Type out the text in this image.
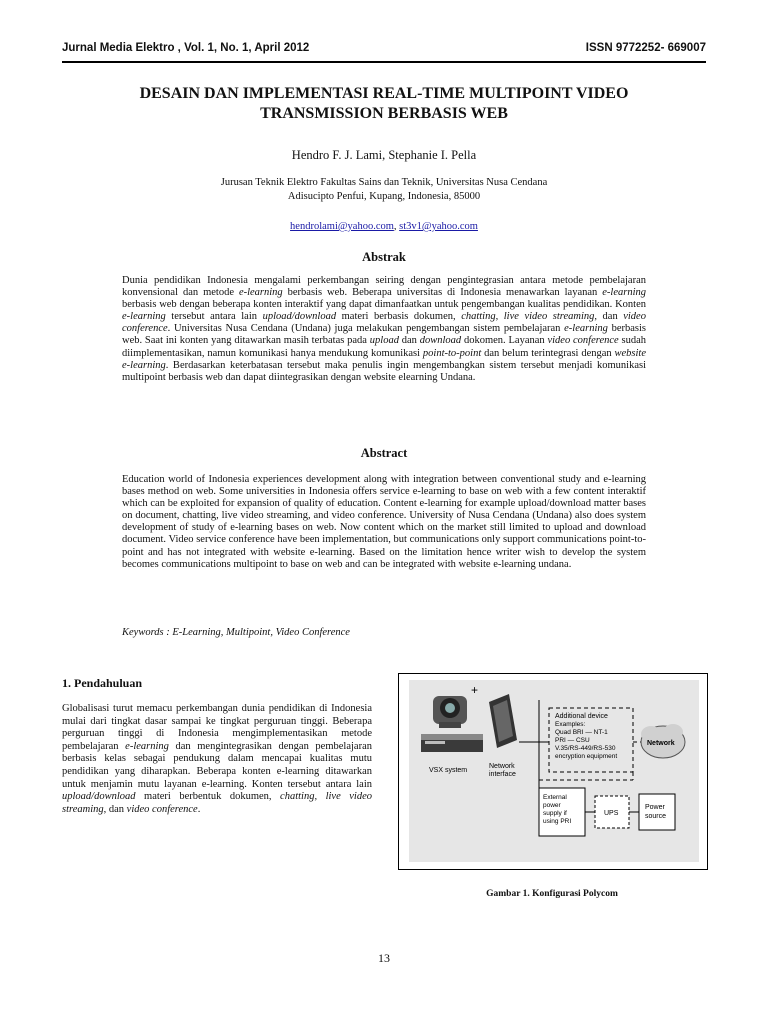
Jurnal Media Elektro , Vol. 1, No. 1, April 2012	ISSN 9772252- 669007
DESAIN DAN IMPLEMENTASI REAL-TIME MULTIPOINT VIDEO
TRANSMISSION BERBASIS WEB
Hendro F. J. Lami, Stephanie I. Pella
Jurusan Teknik Elektro Fakultas Sains dan Teknik, Universitas Nusa Cendana
Adisucipto Penfui, Kupang, Indonesia, 85000
hendrolami@yahoo.com, st3v1@yahoo.com
Abstrak
Dunia pendidikan Indonesia mengalami perkembangan seiring dengan pengintegrasian antara metode pembelajaran konvensional dan metode e-learning berbasis web. Beberapa universitas di Indonesia menawarkan layanan e-learning berbasis web dengan beberapa konten interaktif yang dapat dimanfaatkan untuk pengembangan kualitas pendidikan. Konten e-learning tersebut antara lain upload/download materi berbasis dokumen, chatting, live video streaming, dan video conference. Universitas Nusa Cendana (Undana) juga melakukan pengembangan sistem pembelajaran e-learning berbasis web. Saat ini konten yang ditawarkan masih terbatas pada upload dan download dokomen. Layanan video conference sudah diimplementasikan, namun komunikasi hanya mendukung komunikasi point-to-point dan belum terintegrasi dengan website e-learning. Berdasarkan keterbatasan tersebut maka penulis ingin mengembangkan sistem tersebut menjadi komunikasi multipoint berbasis web dan dapat diintegrasikan dengan website elearning Undana.
Abstract
Education world of Indonesia experiences development along with integration between conventional study and e-learning bases method on web. Some universities in Indonesia offers service e-learning to base on web with a few content interaktif which can be exploited for expansion of quality of education. Content e-learning for example upload/download matter bases on document, chatting, live video streaming, and video conference. University of Nusa Cendana (Undana) also does system development of study of e-learning bases on web. Now content which on the market still limited to upload and download document. Video service conference have been implementation, but communications only support communications point-to-point and has not integrated with website e-learning. Based on the limitation hence writer wish to develop the system becomes communications multipoint to base on web and can be integrated with website e-learning undana.
Keywords : E-Learning, Multipoint, Video Conference
1. Pendahuluan
Globalisasi turut memacu perkembangan dunia pendidikan di Indonesia mulai dari tingkat dasar sampai ke tingkat perguruan tinggi. Beberapa perguruan tinggi di Indonesia mengimplementasikan metode pembelajaran e-learning dan mengintegrasikan dengan pembelajaran berbasis kelas sebagai pendukung dalam mencapai kualitas mutu pendidikan yang diharapkan. Beberapa konten e-learning ditawarkan untuk menjamin mutu layanan e-learning. Konten tersebut antara lain upload/download materi berbentuk dokumen, chatting, live video streaming, dan video conference.
+
VSX system
Network
interface
Additional device
Examples:
Quad BRI — NT-1
PRI — CSU
V.35/RS-449/RS-530
encryption equipment
Network
External
power
supply if
using PRI
UPS
Power
source
Gambar 1. Konfigurasi Polycom
13
